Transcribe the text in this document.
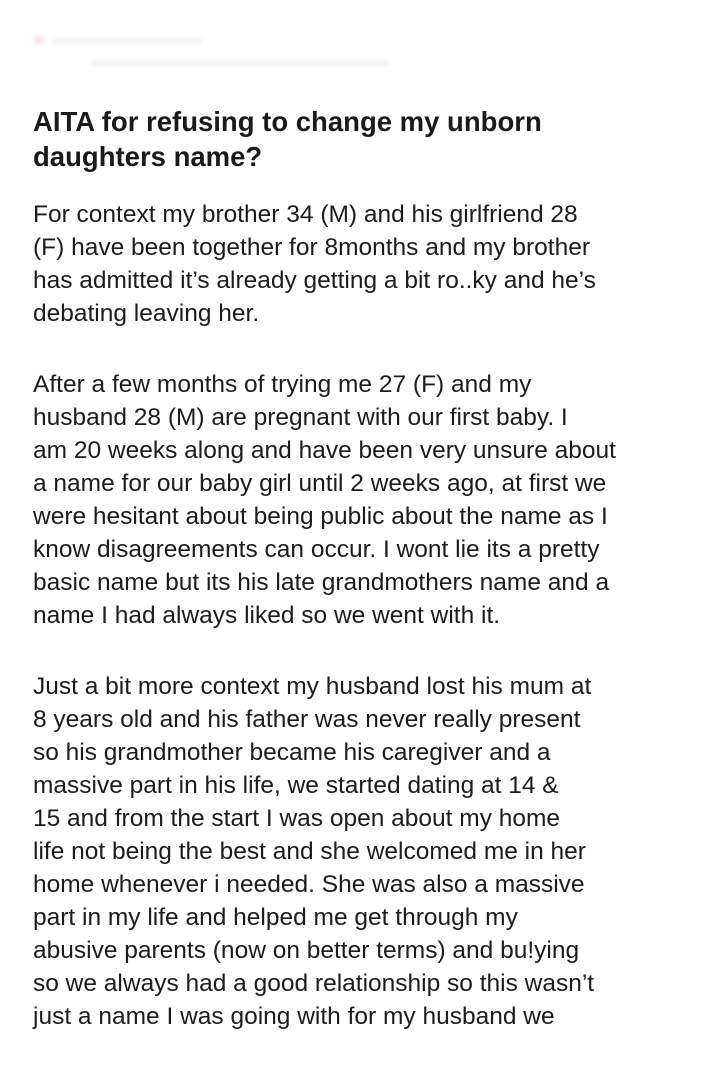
AITA for refusing to change my unborn
daughters name?

For context my brother 34 (M) and his girlfriend 28
(F) have been together for 8months and my brother
has admitted it’s already getting a bit ro..ky and he’s
debating leaving her.

After a few months of trying me 27 (F) and my
husband 28 (M) are pregnant with our first baby. I
am 20 weeks along and have been very unsure about
a name for our baby girl until 2 weeks ago, at first we
were hesitant about being public about the name as I
know disagreements can occur. I wont lie its a pretty
basic name but its his late grandmothers name and a
name I had always liked so we went with it.

Just a bit more context my husband lost his mum at
8 years old and his father was never really present
so his grandmother became his caregiver and a
massive part in his life, we started dating at 14 &
15 and from the start I was open about my home
life not being the best and she welcomed me in her
home whenever i needed. She was also a massive
part in my life and helped me get through my
abusive parents (now on better terms) and bu!ying
so we always had a good relationship so this wasn’t
just a name I was going with for my husband we
